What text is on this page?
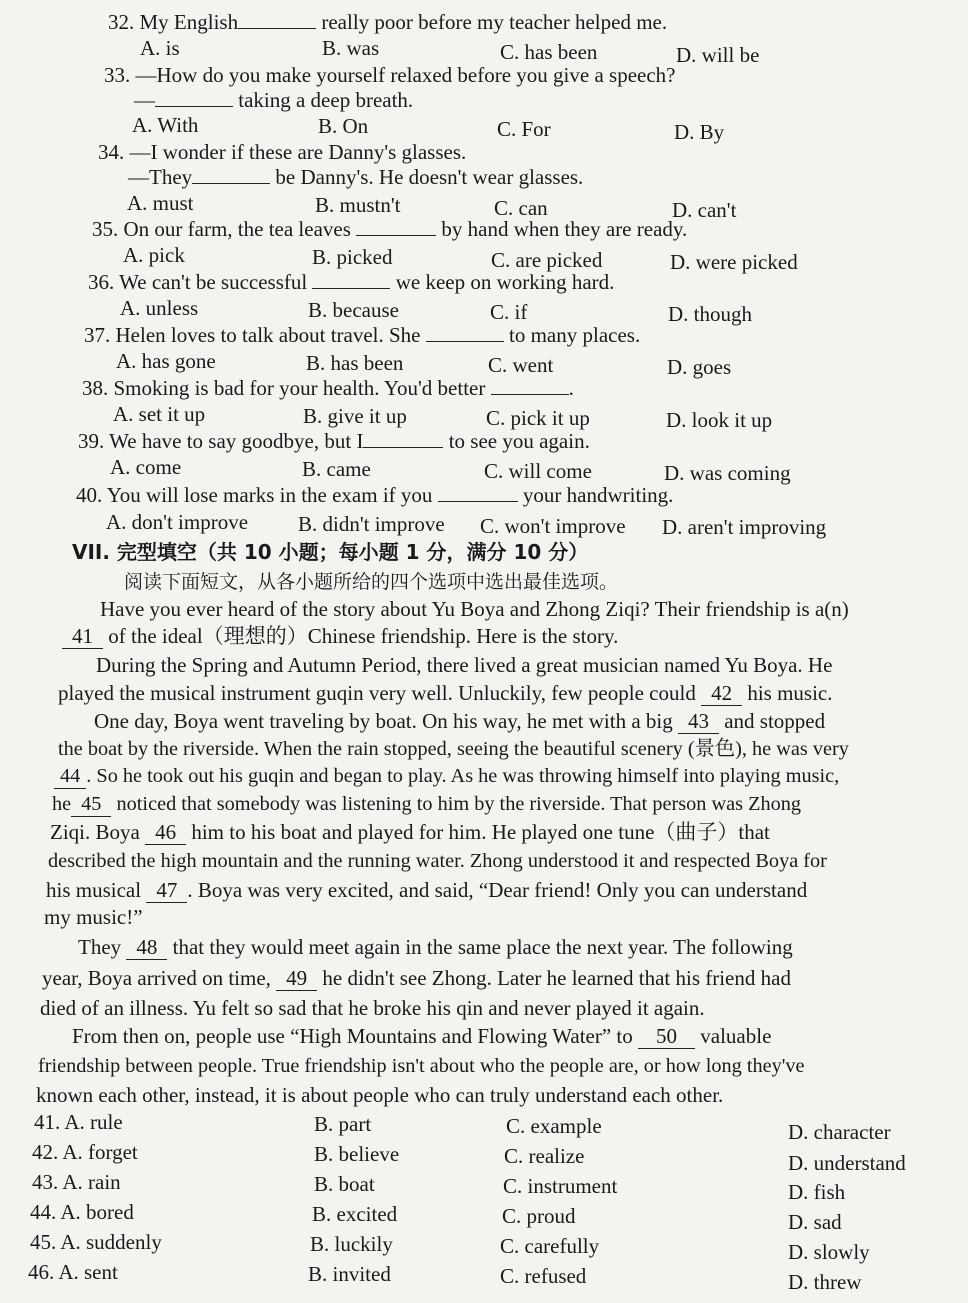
32. My English	really poor before my teacher helped me.
A. is	B. was	C. has been	D. will be
33. —How do you make yourself relaxed before you give a speech?
—	taking a deep breath.
A. With	B. On	C. For	D. By
34. —I wonder if these are Danny's glasses.
—They	be Danny's. He doesn't wear glasses.
A. must	B. mustn't	C. can	D. can't
35. On our farm, the tea leaves	by hand when they are ready.
A. pick	B. picked	C. are picked	D. were picked
36. We can't be successful	we keep on working hard.
A. unless	B. because	C. if	D. though
37. Helen loves to talk about travel. She	to many places.
A. has gone	B. has been	C. went	D. goes
38. Smoking is bad for your health. You'd better	.
A. set it up	B. give it up	C. pick it up	D. look it up
39. We have to say goodbye, but I	to see you again.
A. come	B. came	C. will come	D. was coming
40. You will lose marks in the exam if you	your handwriting.
A. don't improve B. didn't improve C. won't improve D. aren't improving
VII. 完型填空（共 10 小题；每小题 1 分，满分 10 分）
阅读下面短文，从各小题所给的四个选项中选出最佳选项。
Have you ever heard of the story about Yu Boya and Zhong Ziqi? Their friendship is a(n)
41 of the ideal（理想的）Chinese friendship. Here is the story.
During the Spring and Autumn Period, there lived a great musician named Yu Boya. He
played the musical instrument guqin very well. Unluckily, few people could 42 his music.
One day, Boya went traveling by boat. On his way, he met with a big 43 and stopped
the boat by the riverside. When the rain stopped, seeing the beautiful scenery (景色), he was very
44 . So he took out his guqin and began to play. As he was throwing himself into playing music,
he 45 noticed that somebody was listening to him by the riverside. That person was Zhong
Ziqi. Boya 46 him to his boat and played for him. He played one tune（曲子）that
described the high mountain and the running water. Zhong understood it and respected Boya for
his musical 47 . Boya was very excited, and said, “Dear friend! Only you can understand
my music!”
They 48 that they would meet again in the same place the next year. The following
year, Boya arrived on time, 49 he didn't see Zhong. Later he learned that his friend had
died of an illness. Yu felt so sad that he broke his qin and never played it again.
From then on, people use “High Mountains and Flowing Water” to 50 valuable
friendship between people. True friendship isn't about who the people are, or how long they've
known each other, instead, it is about people who can truly understand each other.
41. A. rule	B. part	C. example	D. character
42. A. forget	B. believe	C. realize	D. understand
43. A. rain	B. boat	C. instrument	D. fish
44. A. bored	B. excited	C. proud	D. sad
45. A. suddenly	B. luckily	C. carefully	D. slowly
46. A. sent	B. invited	C. refused	D. threw
